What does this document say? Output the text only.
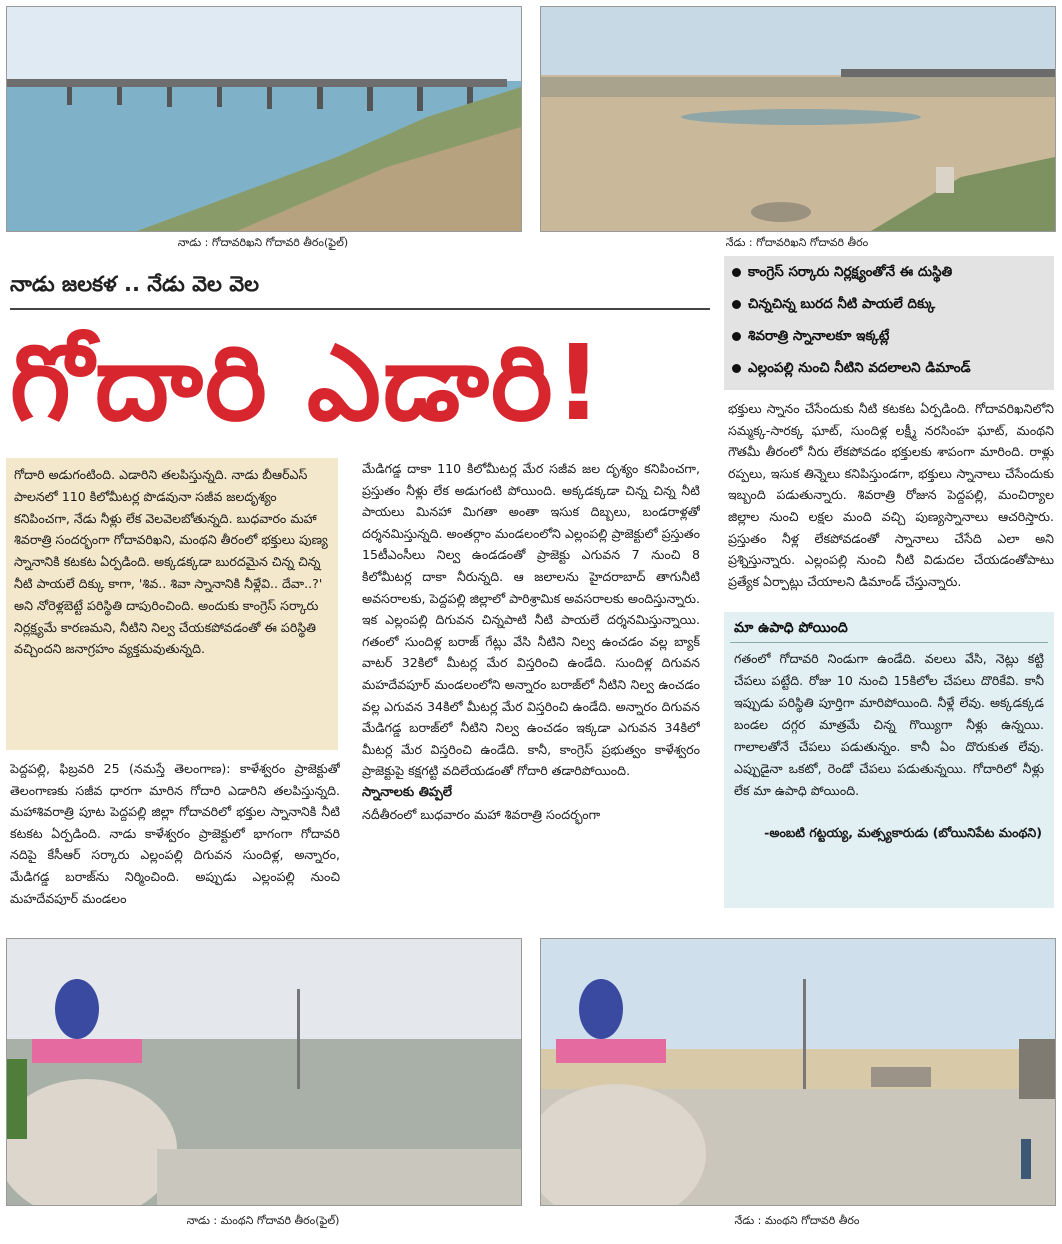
నాడు : గోదావరిఖని గోదావరి తీరం(ఫైల్‌)	నేడు : గోదావరిఖని గోదావరి తీరం
నాడు జలకళ .. నేడు వెల వెల
గోదారి ఎడారి!
కాంగ్రెస్‌ సర్కారు నిర్లక్ష్యంతోనే ఈ దుస్థితి
చిన్నచిన్న బురద నీటి పాయలే దిక్కు
శివరాత్రి స్నానాలకూ ఇక్కట్లే
ఎల్లంపల్లి నుంచి నీటిని వదలాలని డిమాండ్‌
గోదారి అడుగంటింది. ఎడారిని తలపిస్తున్నది. నాడు బీఆర్‌ఎస్‌ పాలనలో 110 కిలోమీటర్ల పొడవునా సజీవ జలదృశ్యం కనిపించగా, నేడు నీళ్లు లేక వెలవెలబోతున్నది. బుధవారం మహా శివరాత్రి సందర్భంగా గోదావరిఖని, మంథని తీరంలో భక్తులు పుణ్య స్నానానికి కటకట ఏర్పడింది. అక్కడక్కడా బురదమైన చిన్న చిన్న నీటి పాయలే దిక్కు కాగా, 'శివ.. శివా స్నానానికి నీళ్లేవి.. దేవా..?' అని నోరెళ్లబెట్టే పరిస్థితి దాపురించింది. అందుకు కాంగ్రెస్‌ సర్కారు నిర్లక్ష్యమే కారణమని, నీటిని నిల్వ చేయకపోవడంతో ఈ పరిస్థితి వచ్చిందని జనాగ్రహం వ్యక్తమవుతున్నది.
పెద్దపల్లి, ఫిబ్రవరి 25 (నమస్తే తెలంగాణ): కాళేశ్వరం ప్రాజెక్టుతో తెలంగాణకు సజీవ ధారగా మారిన గోదారి ఎడారిని తలపిస్తున్నది. మహాశివరాత్రి పూట పెద్దపల్లి జిల్లా గోదావరిలో భక్తుల స్నానానికి నీటి కటకట ఏర్పడింది. నాడు కాళేశ్వరం ప్రాజెక్టులో భాగంగా గోదావరి నదిపై కేసీఆర్‌ సర్కారు ఎల్లంపల్లి దిగువన సుందిళ్ల, అన్నారం, మేడిగడ్డ బరాజ్‌ను నిర్మించింది. అప్పుడు ఎల్లంపల్లి నుంచి మహదేవపూర్‌ మండలం
మేడిగడ్డ దాకా 110 కిలోమీటర్ల మేర సజీవ జల దృశ్యం కనిపించగా, ప్రస్తుతం నీళ్లు లేక అడుగంటి పోయింది. అక్కడక్కడా చిన్న చిన్న నీటి పాయలు మినహా మిగతా అంతా ఇసుక దిబ్బలు, బండరాళ్లతో దర్శనమిస్తున్నది. అంతర్గాం మండలంలోని ఎల్లంపల్లి ప్రాజెక్టులో ప్రస్తుతం 15టీఎంసీలు నిల్వ ఉండడంతో ప్రాజెక్టు ఎగువన 7 నుంచి 8 కిలోమీటర్ల దాకా నీరున్నది. ఆ జలాలను హైదరాబాద్‌ తాగునీటి అవసరాలకు, పెద్దపల్లి జిల్లాలో పారిశ్రామిక అవసరాలకు అందిస్తున్నారు. ఇక ఎల్లంపల్లి దిగువన చిన్నపాటి నీటి పాయలే దర్శనమిస్తున్నాయి. గతంలో సుందిళ్ల బరాజ్‌ గేట్లు వేసి నీటిని నిల్వ ఉంచడం వల్ల బ్యాక్‌ వాటర్‌ 32కిలో మీటర్ల మేర విస్తరించి ఉండేది. సుందిళ్ల దిగువన మహదేవపూర్‌ మండలంలోని అన్నారం బరాజ్‌లో నీటిని నిల్వ ఉంచడం వల్ల ఎగువన 34కిలో మీటర్ల మేర విస్తరించి ఉండేది. అన్నారం దిగువన మేడిగడ్డ బరాజ్‌లో నీటిని నిల్వ ఉంచడం ఇక్కడా ఎగువన 34కిలో మీటర్ల మేర విస్తరించి ఉండేది. కానీ, కాంగ్రెస్‌ ప్రభుత్వం కాళేశ్వరం ప్రాజెక్టుపై కక్షగట్టి వదిలేయడంతో గోదారి తడారిపోయింది.
స్నానాలకు తిప్పలే
నదీతీరంలో బుధవారం మహా శివరాత్రి సందర్భంగా
భక్తులు స్నానం చేసేందుకు నీటి కటకట ఏర్పడింది. గోదావరిఖనిలోని సమ్మక్క-సారక్క ఘాట్‌, సుందిళ్ల లక్ష్మీ నరసింహ ఘాట్‌, మంథని గౌతమీ తీరంలో నీరు లేకపోవడం భక్తులకు శాపంగా మారింది. రాళ్లు రప్పలు, ఇసుక తిన్నెలు కనిపిస్తుండగా, భక్తులు స్నానాలు చేసేందుకు ఇబ్బంది పడుతున్నారు. శివరాత్రి రోజున పెద్దపల్లి, మంచిర్యాల జిల్లాల నుంచి లక్షల మంది వచ్చి పుణ్యస్నానాలు ఆచరిస్తారు. ప్రస్తుతం నీళ్ల లేకపోవడంతో స్నానాలు చేసేది ఎలా అని ప్రశ్నిస్తున్నారు. ఎల్లంపల్లి నుంచి నీటి విడుదల చేయడంతోపాటు ప్రత్యేక ఏర్పాట్లు చేయాలని డిమాండ్‌ చేస్తున్నారు.
మా ఉపాధి పోయింది
గతంలో గోదావరి నిండుగా ఉండేది. వలలు వేసి, నెట్లు కట్టి చేపలు పట్టేది. రోజు 10 నుంచి 15కిలోల చేపలు దొరికేవి. కానీ ఇప్పుడు పరిస్థితి పూర్తిగా మారిపోయింది. నీళ్లే లేవు. అక్కడక్కడ బండల దగ్గర మాత్రమే చిన్న గొయ్యిగా నీళ్లు ఉన్నయి. గాలాలతోనే చేపలు పడుతున్నం. కానీ ఏం దొరుకుత లేవు. ఎప్పుడైనా ఒకటో, రెండో చేపలు పడుతున్నయి. గోదారిలో నీళ్లు లేక మా ఉపాధి పోయింది.
-అంబటి గట్టయ్య, మత్స్యకారుడు (బోయినిపేట మంథని)
నాడు : మంథని గోదావరి తీరం(ఫైల్‌)	నేడు : మంథని గోదావరి తీరం
